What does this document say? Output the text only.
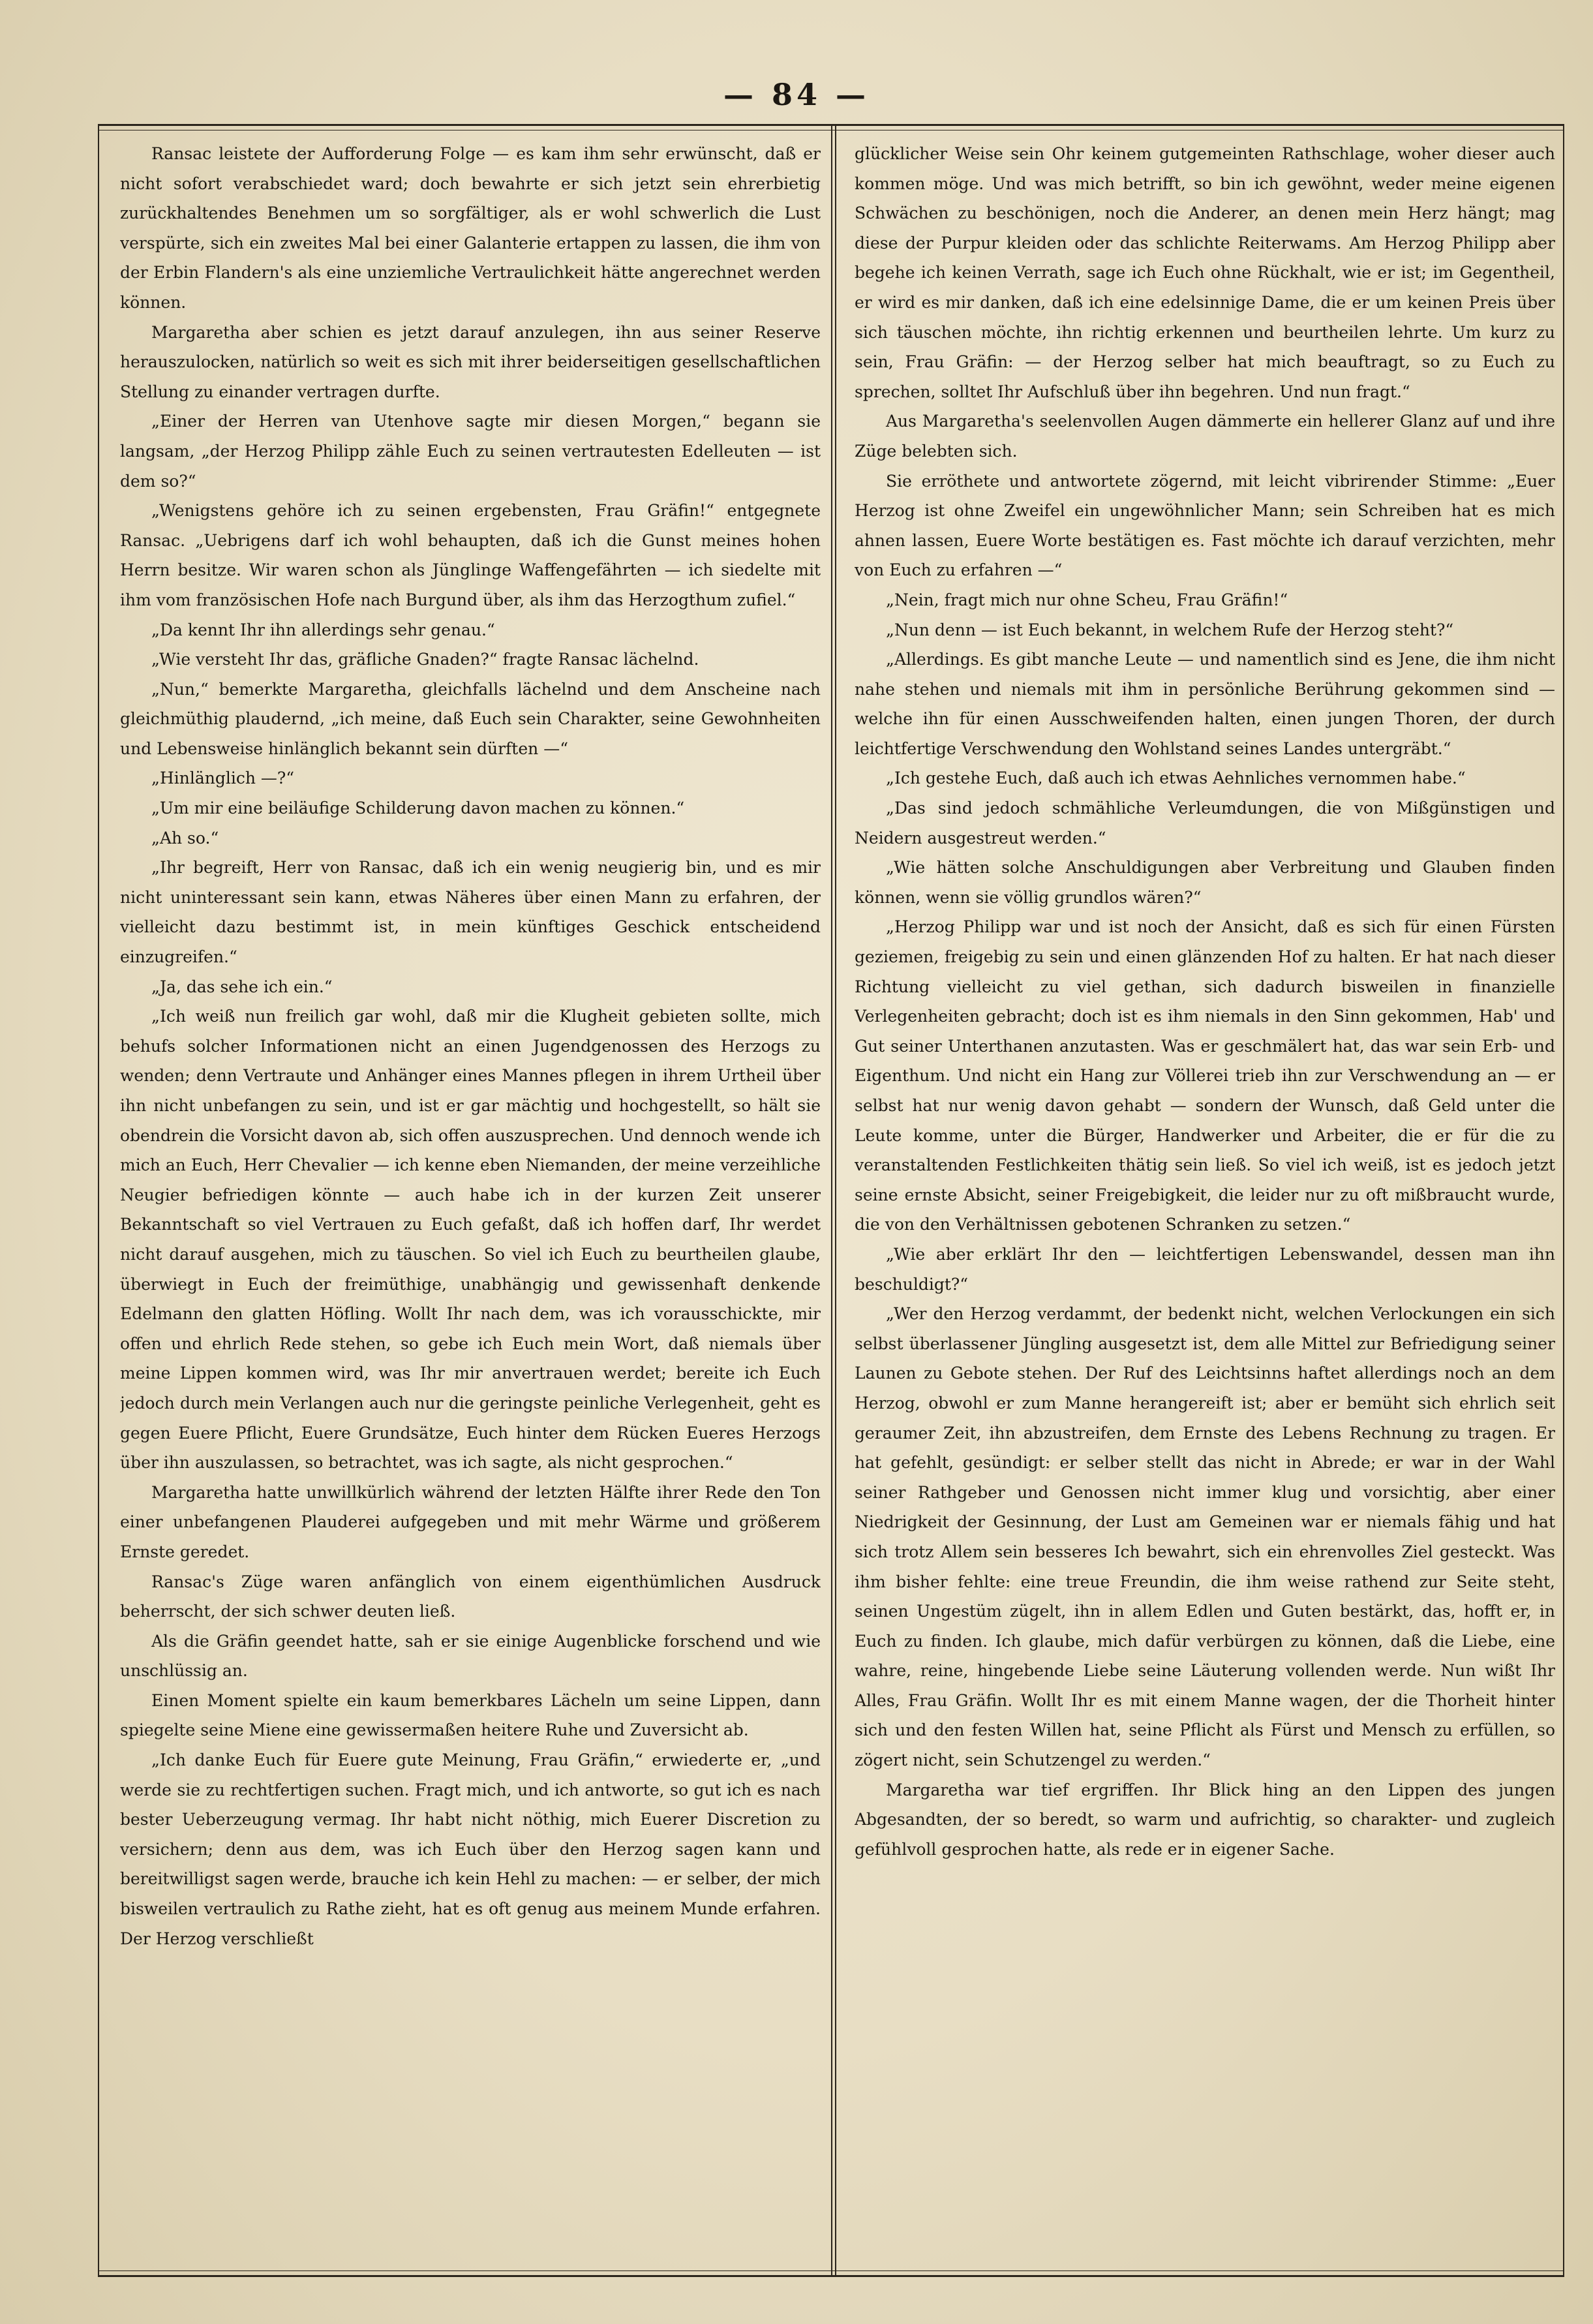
— 84 —

Ransac leistete der Aufforderung Folge — es kam ihm sehr erwünscht, daß er nicht sofort verabschiedet ward; doch bewahrte er sich jetzt sein ehrerbietig zurückhaltendes Benehmen um so sorgfältiger, als er wohl schwerlich die Lust verspürte, sich ein zweites Mal bei einer Galanterie ertappen zu lassen, die ihm von der Erbin Flandern's als eine unziemliche Vertraulichkeit hätte angerechnet werden können.

Margaretha aber schien es jetzt darauf anzulegen, ihn aus seiner Reserve herauszulocken, natürlich so weit es sich mit ihrer beiderseitigen gesellschaftlichen Stellung zu einander vertragen durfte.

„Einer der Herren van Utenhove sagte mir diesen Morgen,“ begann sie langsam, „der Herzog Philipp zähle Euch zu seinen vertrautesten Edelleuten — ist dem so?“

„Wenigstens gehöre ich zu seinen ergebensten, Frau Gräfin!“ entgegnete Ransac. „Uebrigens darf ich wohl behaupten, daß ich die Gunst meines hohen Herrn besitze. Wir waren schon als Jünglinge Waffengefährten — ich siedelte mit ihm vom französischen Hofe nach Burgund über, als ihm das Herzogthum zufiel.“

„Da kennt Ihr ihn allerdings sehr genau.“

„Wie versteht Ihr das, gräfliche Gnaden?“ fragte Ransac lächelnd.

„Nun,“ bemerkte Margaretha, gleichfalls lächelnd und dem Anscheine nach gleichmüthig plaudernd, „ich meine, daß Euch sein Charakter, seine Gewohnheiten und Lebensweise hinlänglich bekannt sein dürften —“

„Hinlänglich —?“

„Um mir eine beiläufige Schilderung davon machen zu können.“

„Ah so.“

„Ihr begreift, Herr von Ransac, daß ich ein wenig neugierig bin, und es mir nicht uninteressant sein kann, etwas Näheres über einen Mann zu erfahren, der vielleicht dazu bestimmt ist, in mein künftiges Geschick entscheidend einzugreifen.“

„Ja, das sehe ich ein.“

„Ich weiß nun freilich gar wohl, daß mir die Klugheit gebieten sollte, mich behufs solcher Informationen nicht an einen Jugendgenossen des Herzogs zu wenden; denn Vertraute und Anhänger eines Mannes pflegen in ihrem Urtheil über ihn nicht unbefangen zu sein, und ist er gar mächtig und hochgestellt, so hält sie obendrein die Vorsicht davon ab, sich offen auszusprechen. Und dennoch wende ich mich an Euch, Herr Chevalier — ich kenne eben Niemanden, der meine verzeihliche Neugier befriedigen könnte — auch habe ich in der kurzen Zeit unserer Bekanntschaft so viel Vertrauen zu Euch gefaßt, daß ich hoffen darf, Ihr werdet nicht darauf ausgehen, mich zu täuschen. So viel ich Euch zu beurtheilen glaube, überwiegt in Euch der freimüthige, unabhängig und gewissenhaft denkende Edelmann den glatten Höfling. Wollt Ihr nach dem, was ich vorausschickte, mir offen und ehrlich Rede stehen, so gebe ich Euch mein Wort, daß niemals über meine Lippen kommen wird, was Ihr mir anvertrauen werdet; bereite ich Euch jedoch durch mein Verlangen auch nur die geringste peinliche Verlegenheit, geht es gegen Euere Pflicht, Euere Grundsätze, Euch hinter dem Rücken Eueres Herzogs über ihn auszulassen, so betrachtet, was ich sagte, als nicht gesprochen.“

Margaretha hatte unwillkürlich während der letzten Hälfte ihrer Rede den Ton einer unbefangenen Plauderei aufgegeben und mit mehr Wärme und größerem Ernste geredet.

Ransac's Züge waren anfänglich von einem eigenthümlichen Ausdruck beherrscht, der sich schwer deuten ließ.

Als die Gräfin geendet hatte, sah er sie einige Augenblicke forschend und wie unschlüssig an.

Einen Moment spielte ein kaum bemerkbares Lächeln um seine Lippen, dann spiegelte seine Miene eine gewissermaßen heitere Ruhe und Zuversicht ab.

„Ich danke Euch für Euere gute Meinung, Frau Gräfin,“ erwiederte er, „und werde sie zu rechtfertigen suchen. Fragt mich, und ich antworte, so gut ich es nach bester Ueberzeugung vermag. Ihr habt nicht nöthig, mich Euerer Discretion zu versichern; denn aus dem, was ich Euch über den Herzog sagen kann und bereitwilligst sagen werde, brauche ich kein Hehl zu machen: — er selber, der mich bisweilen vertraulich zu Rathe zieht, hat es oft genug aus meinem Munde erfahren. Der Herzog verschließt

glücklicher Weise sein Ohr keinem gutgemeinten Rathschlage, woher dieser auch kommen möge. Und was mich betrifft, so bin ich gewöhnt, weder meine eigenen Schwächen zu beschönigen, noch die Anderer, an denen mein Herz hängt; mag diese der Purpur kleiden oder das schlichte Reiterwams. Am Herzog Philipp aber begehe ich keinen Verrath, sage ich Euch ohne Rückhalt, wie er ist; im Gegentheil, er wird es mir danken, daß ich eine edelsinnige Dame, die er um keinen Preis über sich täuschen möchte, ihn richtig erkennen und beurtheilen lehrte. Um kurz zu sein, Frau Gräfin: — der Herzog selber hat mich beauftragt, so zu Euch zu sprechen, solltet Ihr Aufschluß über ihn begehren. Und nun fragt.“

Aus Margaretha's seelenvollen Augen dämmerte ein hellerer Glanz auf und ihre Züge belebten sich.

Sie erröthete und antwortete zögernd, mit leicht vibrirender Stimme: „Euer Herzog ist ohne Zweifel ein ungewöhnlicher Mann; sein Schreiben hat es mich ahnen lassen, Euere Worte bestätigen es. Fast möchte ich darauf verzichten, mehr von Euch zu erfahren —“

„Nein, fragt mich nur ohne Scheu, Frau Gräfin!“

„Nun denn — ist Euch bekannt, in welchem Rufe der Herzog steht?“

„Allerdings. Es gibt manche Leute — und namentlich sind es Jene, die ihm nicht nahe stehen und niemals mit ihm in persönliche Berührung gekommen sind — welche ihn für einen Ausschweifenden halten, einen jungen Thoren, der durch leichtfertige Verschwendung den Wohlstand seines Landes untergräbt.“

„Ich gestehe Euch, daß auch ich etwas Aehnliches vernommen habe.“

„Das sind jedoch schmähliche Verleumdungen, die von Mißgünstigen und Neidern ausgestreut werden.“

„Wie hätten solche Anschuldigungen aber Verbreitung und Glauben finden können, wenn sie völlig grundlos wären?“

„Herzog Philipp war und ist noch der Ansicht, daß es sich für einen Fürsten geziemen, freigebig zu sein und einen glänzenden Hof zu halten. Er hat nach dieser Richtung vielleicht zu viel gethan, sich dadurch bisweilen in finanzielle Verlegenheiten gebracht; doch ist es ihm niemals in den Sinn gekommen, Hab' und Gut seiner Unterthanen anzutasten. Was er geschmälert hat, das war sein Erb- und Eigenthum. Und nicht ein Hang zur Völlerei trieb ihn zur Verschwendung an — er selbst hat nur wenig davon gehabt — sondern der Wunsch, daß Geld unter die Leute komme, unter die Bürger, Handwerker und Arbeiter, die er für die zu veranstaltenden Festlichkeiten thätig sein ließ. So viel ich weiß, ist es jedoch jetzt seine ernste Absicht, seiner Freigebigkeit, die leider nur zu oft mißbraucht wurde, die von den Verhältnissen gebotenen Schranken zu setzen.“

„Wie aber erklärt Ihr den — leichtfertigen Lebenswandel, dessen man ihn beschuldigt?“

„Wer den Herzog verdammt, der bedenkt nicht, welchen Verlockungen ein sich selbst überlassener Jüngling ausgesetzt ist, dem alle Mittel zur Befriedigung seiner Launen zu Gebote stehen. Der Ruf des Leichtsinns haftet allerdings noch an dem Herzog, obwohl er zum Manne herangereift ist; aber er bemüht sich ehrlich seit geraumer Zeit, ihn abzustreifen, dem Ernste des Lebens Rechnung zu tragen. Er hat gefehlt, gesündigt: er selber stellt das nicht in Abrede; er war in der Wahl seiner Rathgeber und Genossen nicht immer klug und vorsichtig, aber einer Niedrigkeit der Gesinnung, der Lust am Gemeinen war er niemals fähig und hat sich trotz Allem sein besseres Ich bewahrt, sich ein ehrenvolles Ziel gesteckt. Was ihm bisher fehlte: eine treue Freundin, die ihm weise rathend zur Seite steht, seinen Ungestüm zügelt, ihn in allem Edlen und Guten bestärkt, das, hofft er, in Euch zu finden. Ich glaube, mich dafür verbürgen zu können, daß die Liebe, eine wahre, reine, hingebende Liebe seine Läuterung vollenden werde. Nun wißt Ihr Alles, Frau Gräfin. Wollt Ihr es mit einem Manne wagen, der die Thorheit hinter sich und den festen Willen hat, seine Pflicht als Fürst und Mensch zu erfüllen, so zögert nicht, sein Schutzengel zu werden.“

Margaretha war tief ergriffen. Ihr Blick hing an den Lippen des jungen Abgesandten, der so beredt, so warm und aufrichtig, so charakter- und zugleich gefühlvoll gesprochen hatte, als rede er in eigener Sache.
